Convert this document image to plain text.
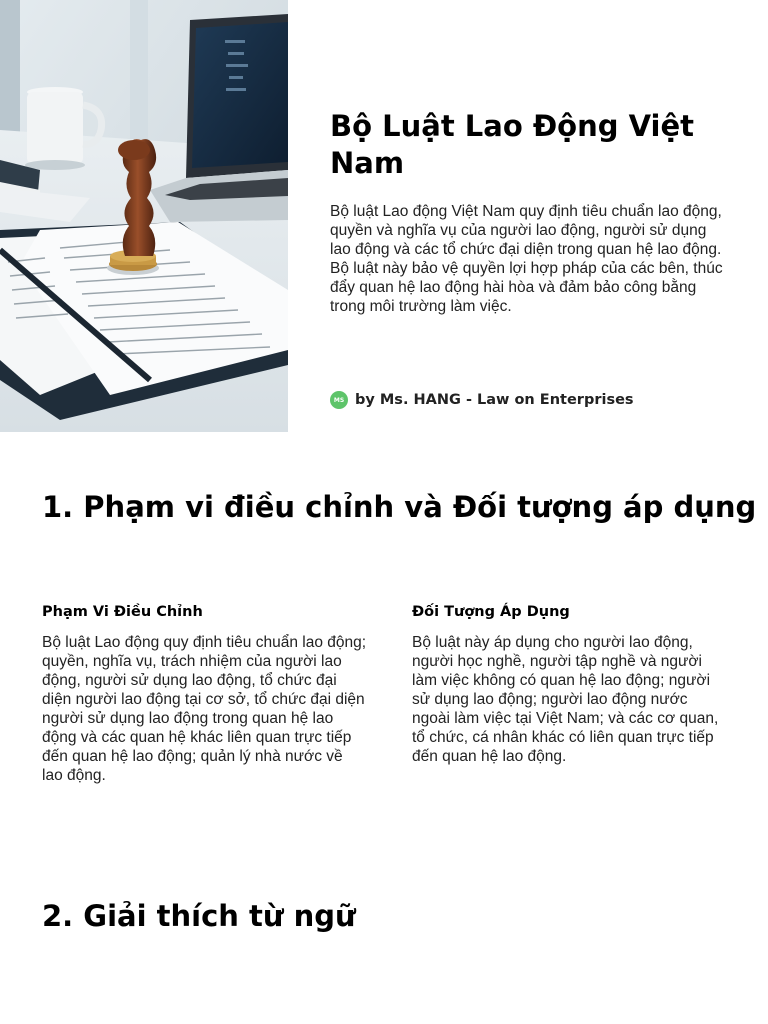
Bộ Luật Lao Động Việt Nam

Bộ luật Lao động Việt Nam quy định tiêu chuẩn lao động, quyền và nghĩa vụ của người lao động, người sử dụng lao động và các tổ chức đại diện trong quan hệ lao động. Bộ luật này bảo vệ quyền lợi hợp pháp của các bên, thúc đẩy quan hệ lao động hài hòa và đảm bảo công bằng trong môi trường làm việc.

MS by Ms. HANG - Law on Enterprises
1. Phạm vi điều chỉnh và Đối tượng áp dụng
Phạm Vi Điều Chỉnh

Bộ luật Lao động quy định tiêu chuẩn lao động; quyền, nghĩa vụ, trách nhiệm của người lao động, người sử dụng lao động, tổ chức đại diện người lao động tại cơ sở, tổ chức đại diện người sử dụng lao động trong quan hệ lao động và các quan hệ khác liên quan trực tiếp đến quan hệ lao động; quản lý nhà nước về lao động.

Đối Tượng Áp Dụng

Bộ luật này áp dụng cho người lao động, người học nghề, người tập nghề và người làm việc không có quan hệ lao động; người sử dụng lao động; người lao động nước ngoài làm việc tại Việt Nam; và các cơ quan, tổ chức, cá nhân khác có liên quan trực tiếp đến quan hệ lao động.

2. Giải thích từ ngữ
